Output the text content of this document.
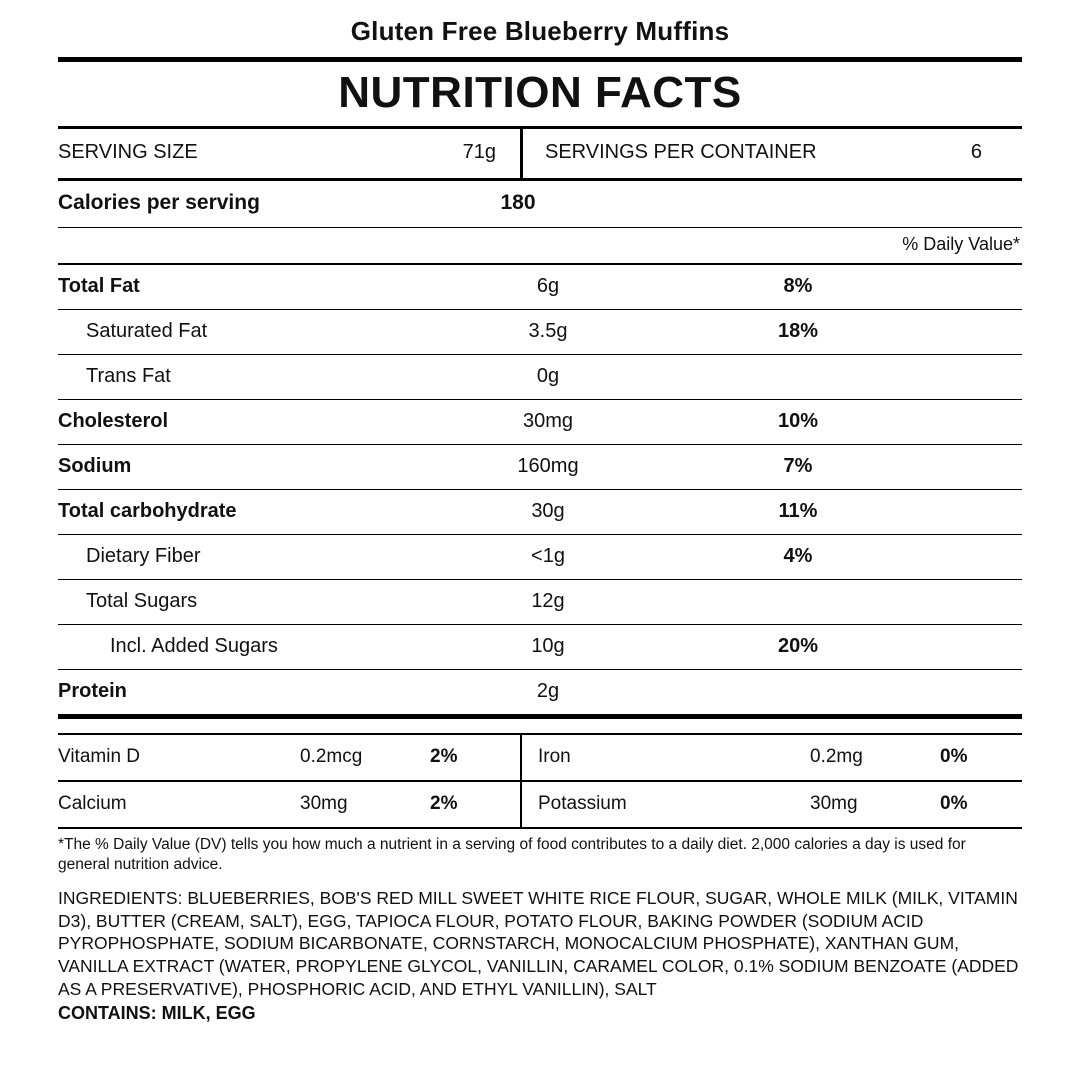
Gluten Free Blueberry Muffins
NUTRITION FACTS
SERVING SIZE	71g SERVINGS PER CONTAINER	6
Calories per serving	180
% Daily Value*
Total Fat	6g	8%
Saturated Fat	3.5g	18%
Trans Fat	0g
Cholesterol	30mg	10%
Sodium	160mg	7%
Total carbohydrate	30g	11%
Dietary Fiber	<1g	4%
Total Sugars	12g
Incl. Added Sugars	10g	20%
Protein	2g
Vitamin D	0.2mcg	2%	Iron	0.2mg	0%
Calcium	30mg	2%	Potassium	30mg	0%
*The % Daily Value (DV) tells you how much a nutrient in a serving of food contributes to a daily diet. 2,000 calories a day is used for general nutrition advice.
INGREDIENTS: BLUEBERRIES, BOB'S RED MILL SWEET WHITE RICE FLOUR, SUGAR, WHOLE MILK (MILK, VITAMIN D3), BUTTER (CREAM, SALT), EGG, TAPIOCA FLOUR, POTATO FLOUR, BAKING POWDER (SODIUM ACID PYROPHOSPHATE, SODIUM BICARBONATE, CORNSTARCH, MONOCALCIUM PHOSPHATE), XANTHAN GUM, VANILLA EXTRACT (WATER, PROPYLENE GLYCOL, VANILLIN, CARAMEL COLOR, 0.1% SODIUM BENZOATE (ADDED AS A PRESERVATIVE), PHOSPHORIC ACID, AND ETHYL VANILLIN), SALT
CONTAINS: MILK, EGG
